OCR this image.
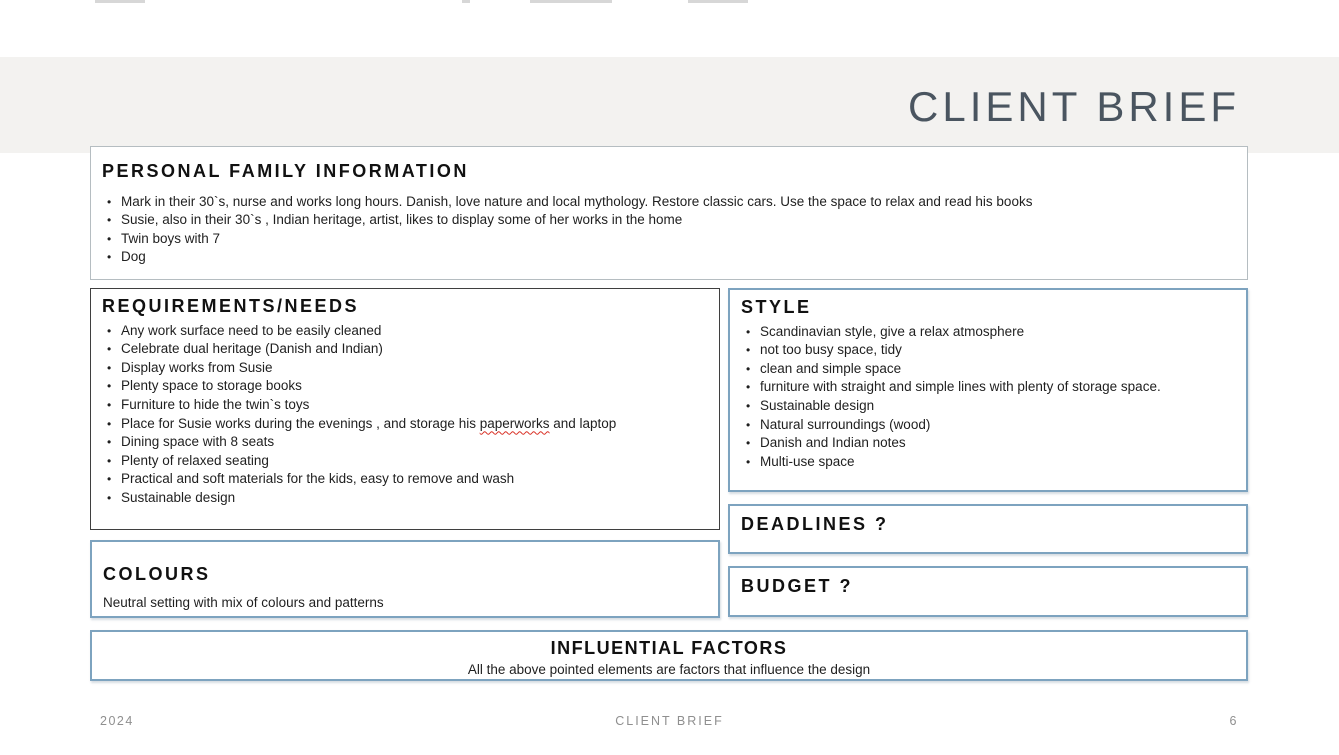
CLIENT BRIEF
PERSONAL FAMILY INFORMATION
• Mark in their 30`s, nurse and works long hours. Danish, love nature and local mythology. Restore classic cars. Use the space to relax and read his books
• Susie, also in their 30`s , Indian heritage, artist, likes to display some of her works in the home
• Twin boys with 7
• Dog
REQUIREMENTS/NEEDS
• Any work surface need to be easily cleaned
• Celebrate dual heritage (Danish and Indian)
• Display works from Susie
• Plenty space to storage books
• Furniture to hide the twin`s toys
• Place for Susie works during the evenings , and storage his paperworks and laptop
• Dining space with 8 seats
• Plenty of relaxed seating
• Practical and soft materials for the kids, easy to remove and wash
• Sustainable design
STYLE
• Scandinavian style, give a relax atmosphere
• not too busy space, tidy
• clean and simple space
• furniture with straight and simple lines with plenty of storage space.
• Sustainable design
• Natural surroundings (wood)
• Danish and Indian notes
• Multi-use space
DEADLINES ?
COLOURS
Neutral setting with mix of colours and patterns
BUDGET ?
INFLUENTIAL FACTORS
All the above pointed elements are factors that influence the design
2024	CLIENT BRIEF	6
